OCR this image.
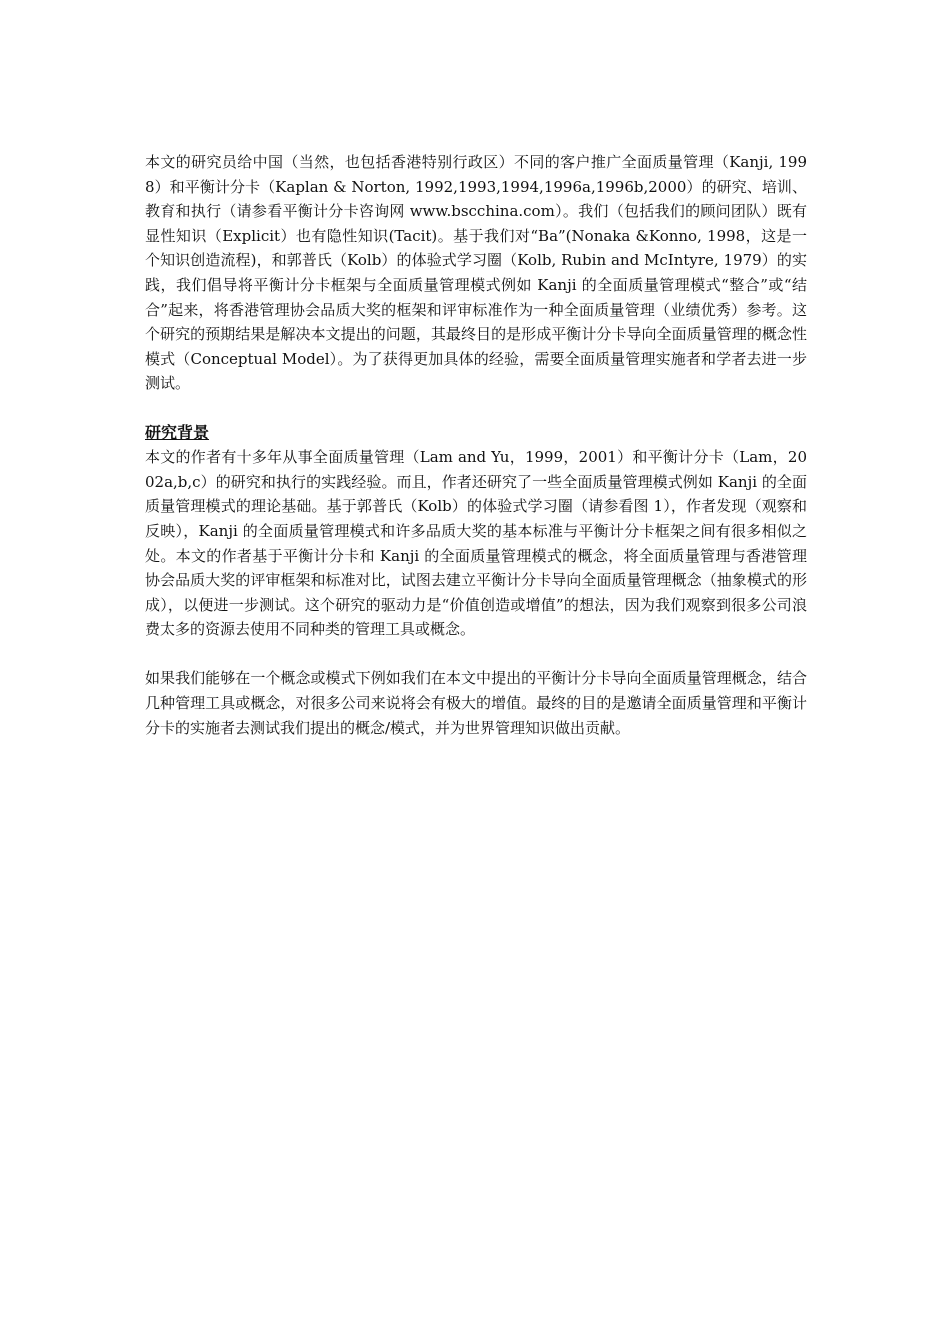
本文的研究员给中国（当然，也包括香港特别行政区）不同的客户推广全面质量管理（Kanji, 1998）和平衡计分卡（Kaplan & Norton, 1992,1993,1994,1996a,1996b,2000）的研究、培训、教育和执行（请参看平衡计分卡咨询网 www.bscchina.com）。我们（包括我们的顾问团队）既有显性知识（Explicit）也有隐性知识(Tacit)。基于我们对“Ba”(Nonaka &Konno, 1998，这是一个知识创造流程)，和郭普氏（Kolb）的体验式学习圈（Kolb, Rubin and McIntyre, 1979）的实践，我们倡导将平衡计分卡框架与全面质量管理模式例如 Kanji 的全面质量管理模式“整合”或“结合”起来，将香港管理协会品质大奖的框架和评审标准作为一种全面质量管理（业绩优秀）参考。这个研究的预期结果是解决本文提出的问题，其最终目的是形成平衡计分卡导向全面质量管理的概念性模式（Conceptual Model）。为了获得更加具体的经验，需要全面质量管理实施者和学者去进一步测试。

研究背景

本文的作者有十多年从事全面质量管理（Lam and Yu，1999，2001）和平衡计分卡（Lam，2002a,b,c）的研究和执行的实践经验。而且，作者还研究了一些全面质量管理模式例如 Kanji 的全面质量管理模式的理论基础。基于郭普氏（Kolb）的体验式学习圈（请参看图 1），作者发现（观察和反映），Kanji 的全面质量管理模式和许多品质大奖的基本标准与平衡计分卡框架之间有很多相似之处。本文的作者基于平衡计分卡和 Kanji 的全面质量管理模式的概念，将全面质量管理与香港管理协会品质大奖的评审框架和标准对比，试图去建立平衡计分卡导向全面质量管理概念（抽象模式的形成），以便进一步测试。这个研究的驱动力是“价值创造或增值”的想法，因为我们观察到很多公司浪费太多的资源去使用不同种类的管理工具或概念。

如果我们能够在一个概念或模式下例如我们在本文中提出的平衡计分卡导向全面质量管理概念，结合几种管理工具或概念，对很多公司来说将会有极大的增值。最终的目的是邀请全面质量管理和平衡计分卡的实施者去测试我们提出的概念/模式，并为世界管理知识做出贡献。
